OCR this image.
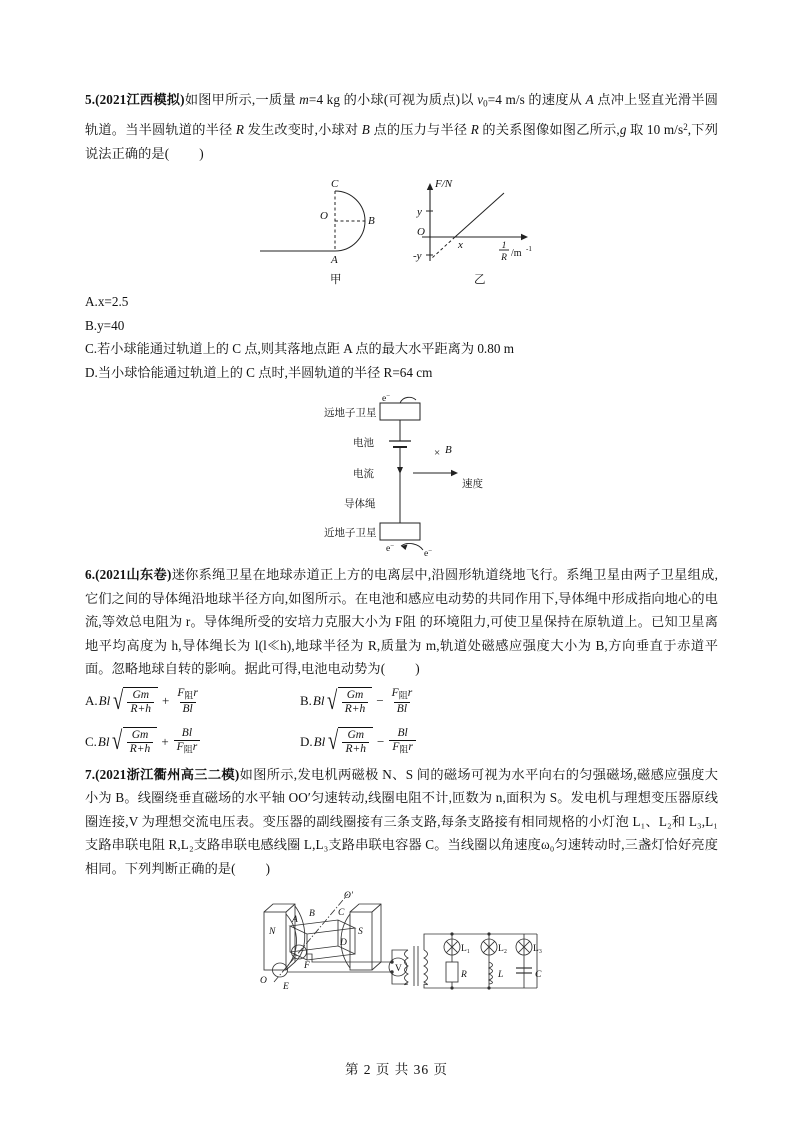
5.(2021江西模拟)如图甲所示,一质量 m=4 kg 的小球(可视为质点)以 $v_0=4$ m/s 的速度从 A 点冲上竖直光滑半圆轨道。当半圆轨道的半径 R 发生改变时,小球对 B 点的压力与半径 R 的关系图像如图乙所示,g 取 10 $m/s^2$,下列说法正确的是( )
C
O	B
A
甲
F/N
y
O
x
-y
1
R /m -1
乙
A.x=2.5
B.y=40
C.若小球能通过轨道上的 C 点,则其落地点距 A 点的最大水平距离为 0.80 m
D.当小球恰能通过轨道上的 C 点时,半圆轨道的半径 R=64 cm
× B
远地子卫星
电池
电流
导体绳
近地子卫星
速度
e−
e−
e−
6.(2021山东卷)迷你系绳卫星在地球赤道正上方的电离层中,沿圆形轨道绕地飞行。系绳卫星由两子卫星组成,它们之间的导体绳沿地球半径方向,如图所示。在电池和感应电动势的共同作用下,导体绳中形成指向地心的电流,等效总电阻为 r。导体绳所受的安培力克服大小为 F阻 的环境阻力,可使卫星保持在原轨道上。已知卫星离地平均高度为 h,导体绳长为 l(l≪h),地球半径为 R,质量为 m,轨道处磁感应强度大小为 B,方向垂直于赤道平面。忽略地球自转的影响。据此可得,电池电动势为( )
A. Bl √ $\frac{Gm}{R+h} + \frac{F_阻r}{Bl}$	B. Bl √ $\frac{Gm}{R+h} - \frac{F_阻r}{Bl}$
C. Bl √ $\frac{Gm}{R+h} + \frac{Bl}{F_阻r}$	D. Bl √ $\frac{Gm}{R+h} - \frac{Bl}{F_阻r}$
7.(2021浙江衢州高三二模)如图所示,发电机两磁极 N、S 间的磁场可视为水平向右的匀强磁场,磁感应强度大小为 B。线圈绕垂直磁场的水平轴 OO′匀速转动,线圈电阻不计,匝数为 n,面积为 S。发电机与理想变压器原线圈连接,V 为理想交流电压表。变压器的副线圈接有三条支路,每条支路接有相同规格的小灯泡 L₁、L₂和 L₃,L₁支路串联电阻 R,L₂支路串联电感线圈 L,L₃支路串联电容器 C。当线圈以角速度ω₀匀速转动时,三盏灯恰好亮度相同。下列判断正确的是( )
N	S
A
B C
D
E
F
O′
O
V
L₁	L₂	L₃
R	L	C
第 2 页 共 36 页
